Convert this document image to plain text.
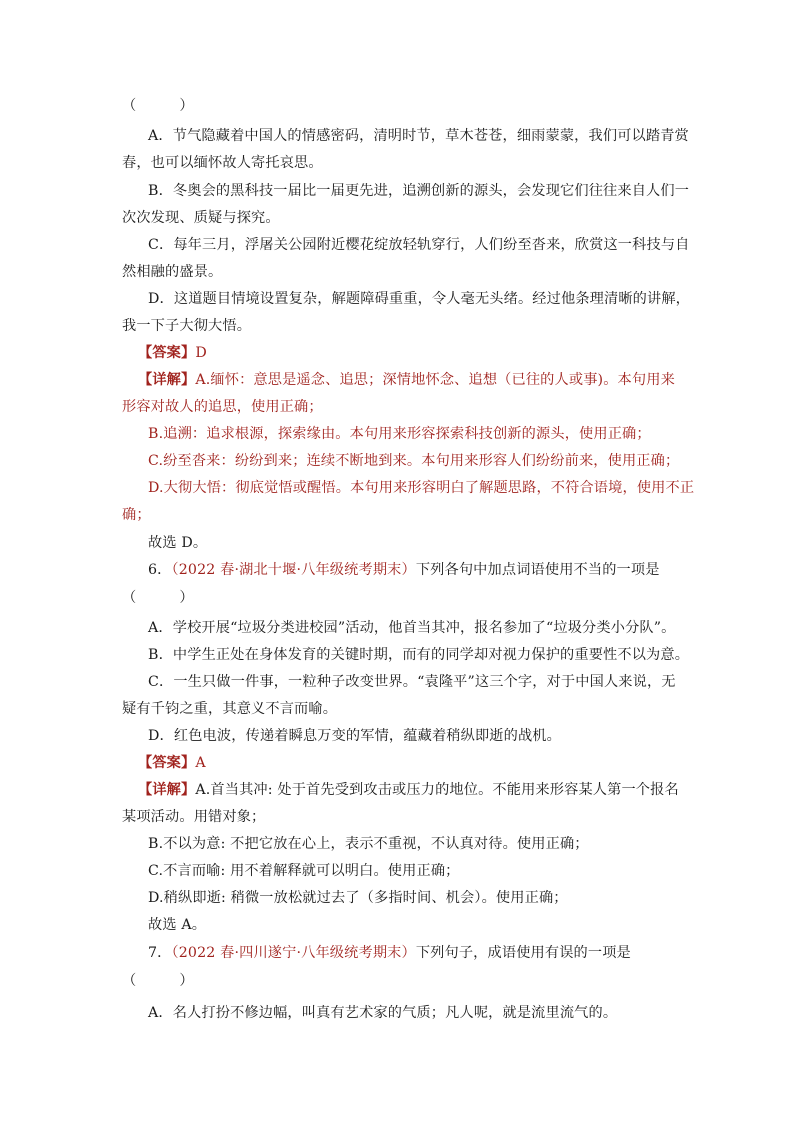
（　　　）
A．节气隐藏着中国人的情感密码，清明时节，草木苍苍，细雨蒙蒙，我们可以踏青赏
春，也可以缅怀故人寄托哀思。
B．冬奥会的黑科技一届比一届更先进，追溯创新的源头，会发现它们往往来自人们一
次次发现、质疑与探究。
C．每年三月，浮屠关公园附近樱花绽放轻轨穿行，人们纷至沓来，欣赏这一科技与自
然相融的盛景。
D．这道题目情境设置复杂，解题障碍重重，令人毫无头绪。经过他条理清晰的讲解，
我一下子大彻大悟。
【答案】D
【详解】A.缅怀：意思是遥念、追思；深情地怀念、追想（已往的人或事)。本句用来
形容对故人的追思，使用正确；
B.追溯：追求根源，探索缘由。本句用来形容探索科技创新的源头，使用正确；
C.纷至沓来：纷纷到来；连续不断地到来。本句用来形容人们纷纷前来，使用正确；
D.大彻大悟：彻底觉悟或醒悟。本句用来形容明白了解题思路，不符合语境，使用不正
确；
故选 D。
6．（2022 春·湖北十堰·八年级统考期末）下列各句中加点词语使用不当的一项是
（　　　）
A．学校开展“垃圾分类进校园”活动，他首当其冲，报名参加了“垃圾分类小分队”。
B．中学生正处在身体发育的关键时期，而有的同学却对视力保护的重要性不以为意。
C．一生只做一件事，一粒种子改变世界。“袁隆平”这三个字，对于中国人来说，无
疑有千钧之重，其意义不言而喻。
D．红色电波，传递着瞬息万变的军情，蕴藏着稍纵即逝的战机。
【答案】A
【详解】A.首当其冲: 处于首先受到攻击或压力的地位。不能用来形容某人第一个报名
某项活动。用错对象；
B.不以为意: 不把它放在心上，表示不重视，不认真对待。使用正确；
C.不言而喻: 用不着解释就可以明白。使用正确；
D.稍纵即逝: 稍微一放松就过去了（多指时间、机会）。使用正确；
故选 A。
7．（2022 春·四川遂宁·八年级统考期末）下列句子，成语使用有误的一项是
（　　　）
A．名人打扮不修边幅，叫真有艺术家的气质；凡人呢，就是流里流气的。
